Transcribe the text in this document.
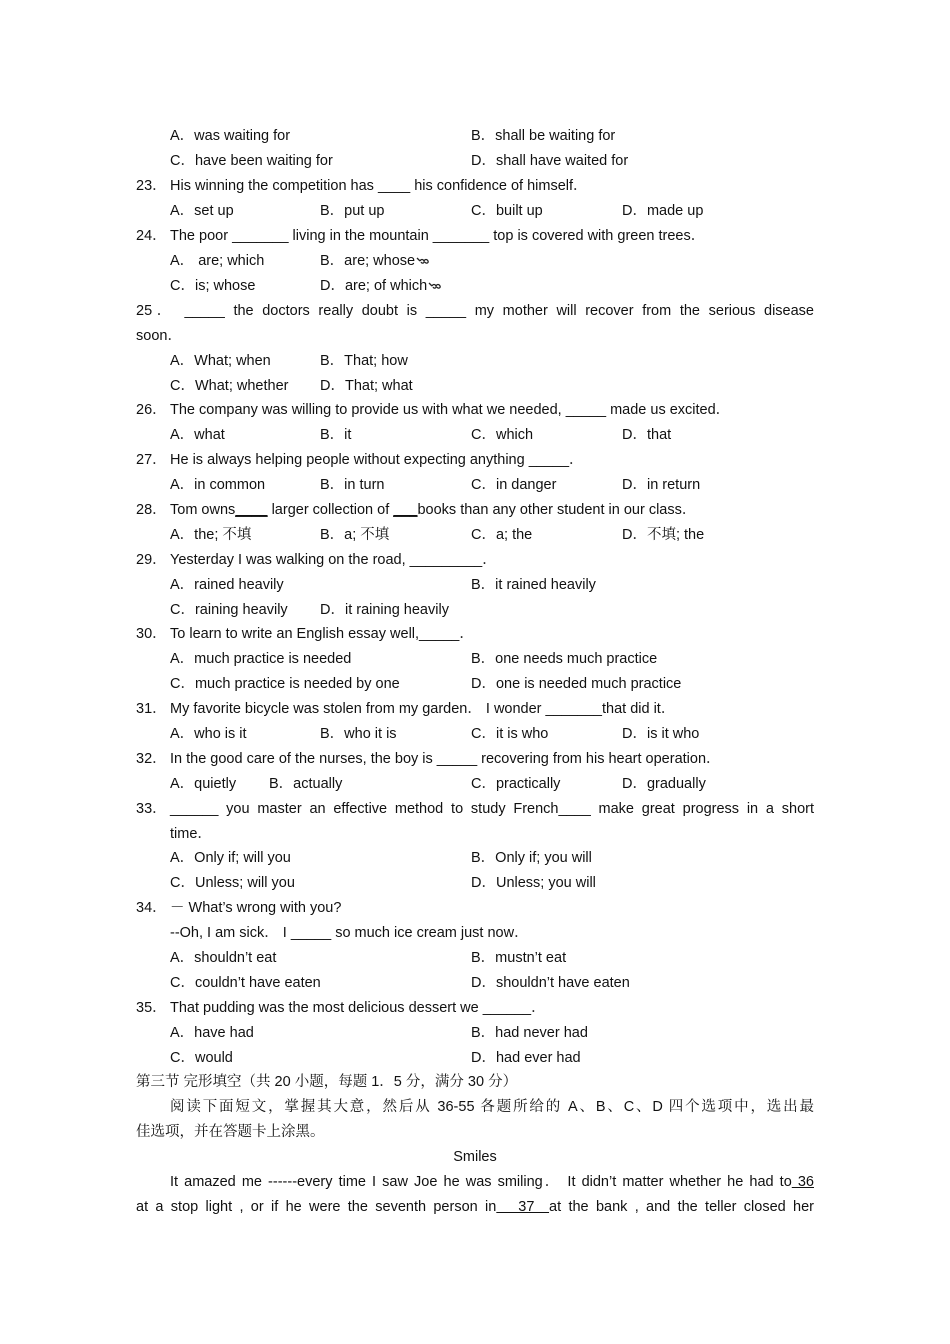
A．was waiting for	B．shall be waiting for
C．have been waiting for	D．shall have waited for
23． His winning the competition has ____ his confidence of himself．
A．set up	B．put up	C．built up	D．made up
24． The poor _______ living in the mountain _______ top is covered with green trees．
A． are; which	B．are; whose
C．is; whose	D．are; of which
25． _____ the doctors really doubt is _____ my mother will recover from the serious disease
soon．
A．What; when	B．That; how
C．What; whether D．That; what
26． The company was willing to provide us with what we needed, _____ made us excited．
A．what	B．it	C．which	D．that
27． He is always helping people without expecting anything _____．
A．in common	B．in turn	C．in danger	D．in return
28． Tom owns____ larger collection of ___books than any other student in our class．
A．the; 不填	B．a; 不填	C．a; the	D．不填; the
29． Yesterday I was walking on the road, _________．
A．rained heavily	B．it rained heavily
C．raining heavily D．it raining heavily
30． To learn to write an English essay well,_____．
A．much practice is needed	B．one needs much practice
C．much practice is needed by one	D．one is needed much practice
31． My favorite bicycle was stolen from my garden． I wonder _______that did it．
A．who is it	B．who it is	C．it is who	D．is it who
32． In the good care of the nurses, the boy is _____ recovering from his heart operation．
A．quietly B．actually	C．practically	D．gradually
33． ______ you master an effective method to study French____ make great progress in a short
time．
A．Only if; will you	B．Only if; you will
C．Unless; will you	D．Unless; you will
34． － What’s wrong with you?
--Oh, I am sick． I _____ so much ice cream just now．
A．shouldn’t eat	B．mustn’t eat
C．couldn’t have eaten	D．shouldn’t have eaten
35． That pudding was the most delicious dessert we ______．
A．have had	B．had never had
C．would	D．had ever had
第三节 完形填空（共 20 小题，每题 1．5 分，满分 30 分）
阅读下面短文，掌握其大意，然后从 36-55 各题所给的 A、B、C、D 四个选项中，选出最
佳选项，并在答题卡上涂黑。
Smiles
It amazed me ------every time I saw Joe he was smiling． It didn’t matter whether he had to 36
at a stop light , or if he were the seventh person in   37  at the bank , and the teller closed her
